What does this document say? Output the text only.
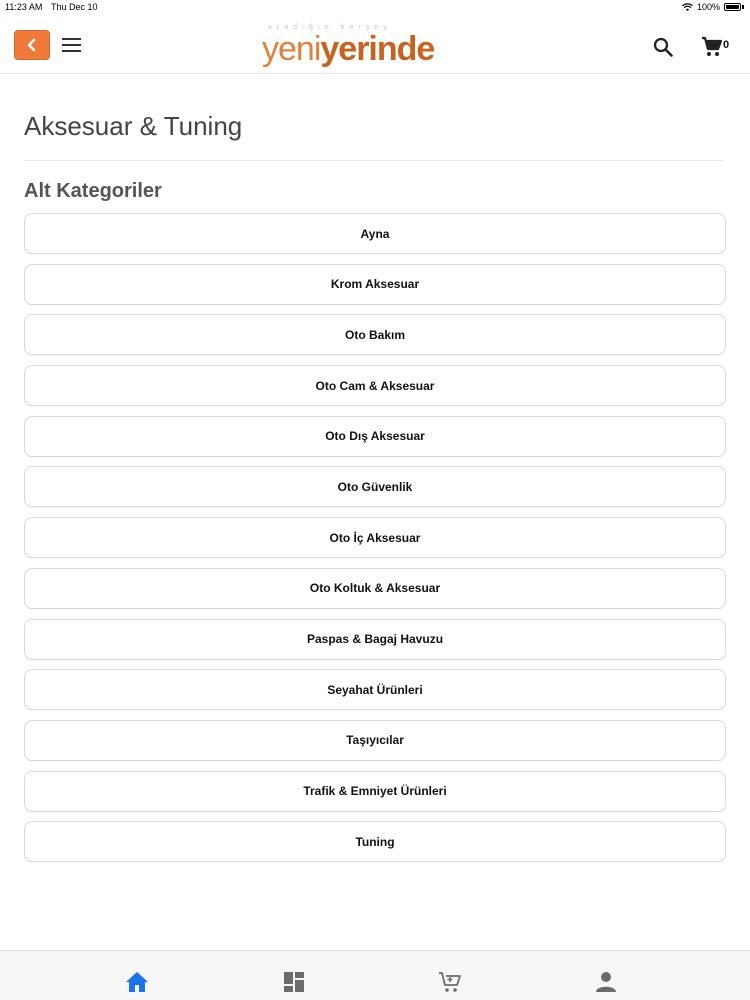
11:23 AM Thu Dec 10	100%
aradığın herşey
yeniyerinde	0
Aksesuar & Tuning
Alt Kategoriler
Ayna
Krom Aksesuar
Oto Bakım
Oto Cam & Aksesuar
Oto Dış Aksesuar
Oto Güvenlik
Oto İç Aksesuar
Oto Koltuk & Aksesuar
Paspas & Bagaj Havuzu
Seyahat Ürünleri
Taşıyıcılar
Trafik & Emniyet Ürünleri
Tuning
